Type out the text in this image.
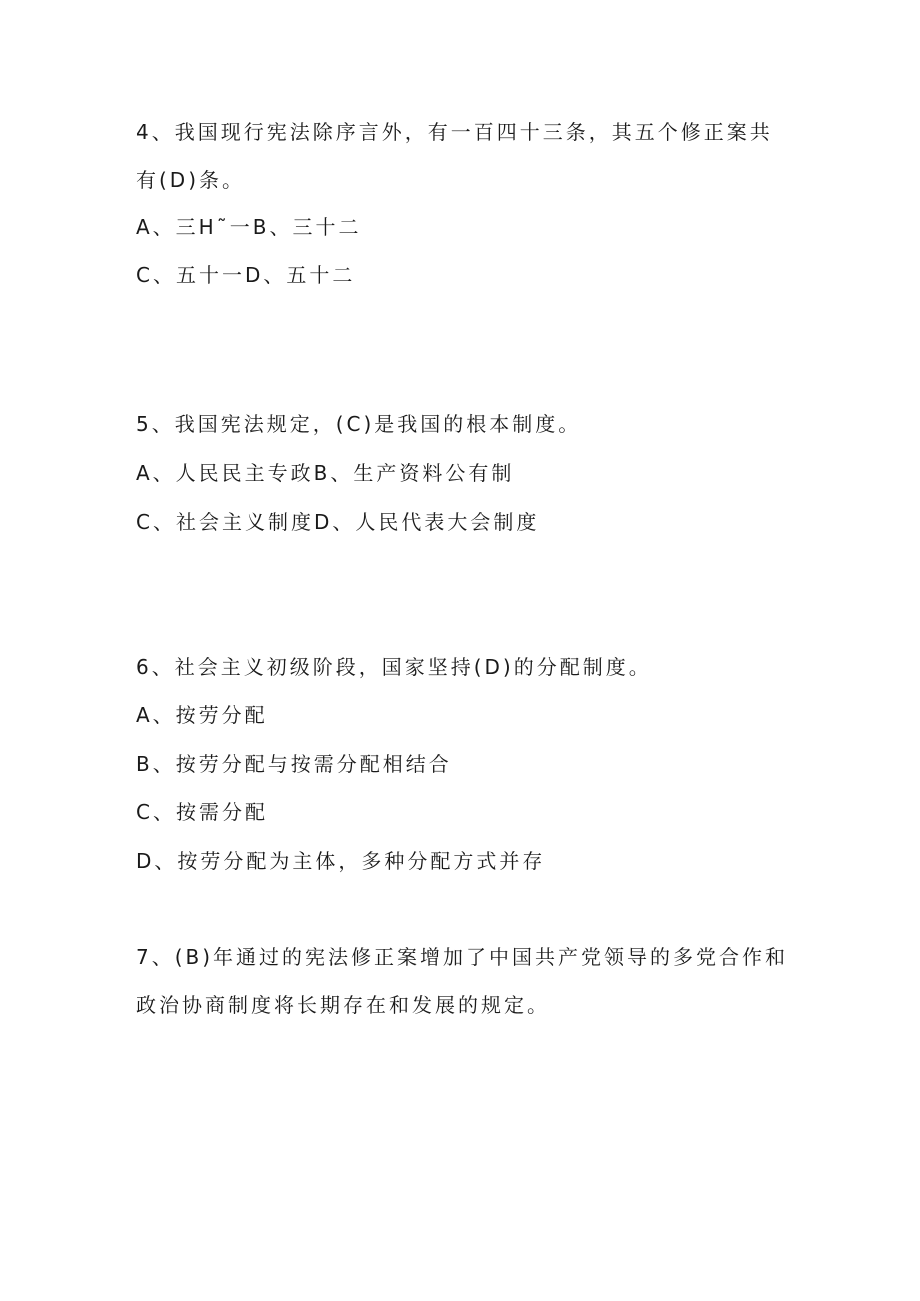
4、我国现行宪法除序言外，有一百四十三条，其五个修正案共
有(D)条。
A、三H˜一B、三十二
C、五十一D、五十二
5、我国宪法规定，(C)是我国的根本制度。
A、人民民主专政B、生产资料公有制
C、社会主义制度D、人民代表大会制度
6、社会主义初级阶段，国家坚持(D)的分配制度。
A、按劳分配
B、按劳分配与按需分配相结合
C、按需分配
D、按劳分配为主体，多种分配方式并存
7、(B)年通过的宪法修正案增加了中国共产党领导的多党合作和
政治协商制度将长期存在和发展的规定。
